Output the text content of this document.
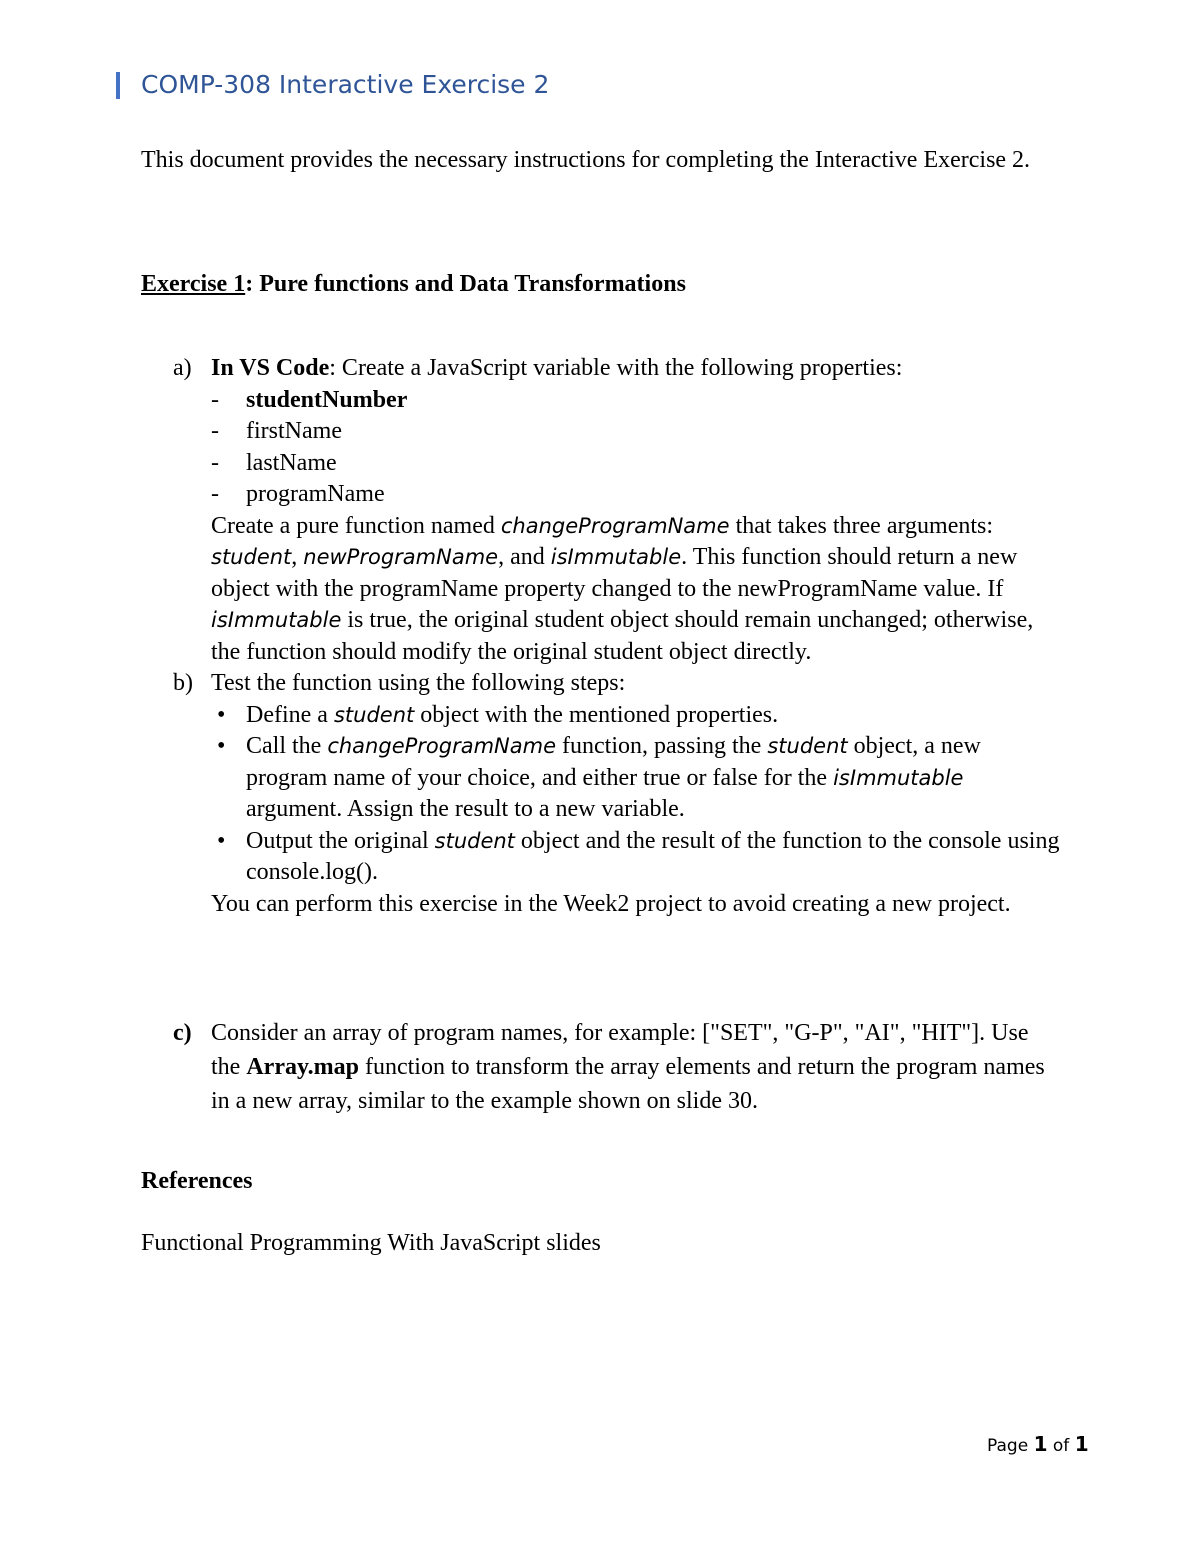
COMP-308 Interactive Exercise 2
This document provides the necessary instructions for completing the Interactive Exercise 2.
Exercise 1: Pure functions and Data Transformations
a) In VS Code: Create a JavaScript variable with the following properties:
-	studentNumber
-	firstName
-	lastName
-	programName
Create a pure function named changeProgramName that takes three arguments: student, newProgramName, and isImmutable. This function should return a new object with the programName property changed to the newProgramName value. If isImmutable is true, the original student object should remain unchanged; otherwise, the function should modify the original student object directly.
b) Test the function using the following steps:
• Define a student object with the mentioned properties.
• Call the changeProgramName function, passing the student object, a new program name of your choice, and either true or false for the isImmutable argument. Assign the result to a new variable.
• Output the original student object and the result of the function to the console using console.log().
You can perform this exercise in the Week2 project to avoid creating a new project.
c) Consider an array of program names, for example: ["SET", "G-P", "AI", "HIT"]. Use the Array.map function to transform the array elements and return the program names in a new array, similar to the example shown on slide 30.
References
Functional Programming With JavaScript slides
Page 1 of 1
